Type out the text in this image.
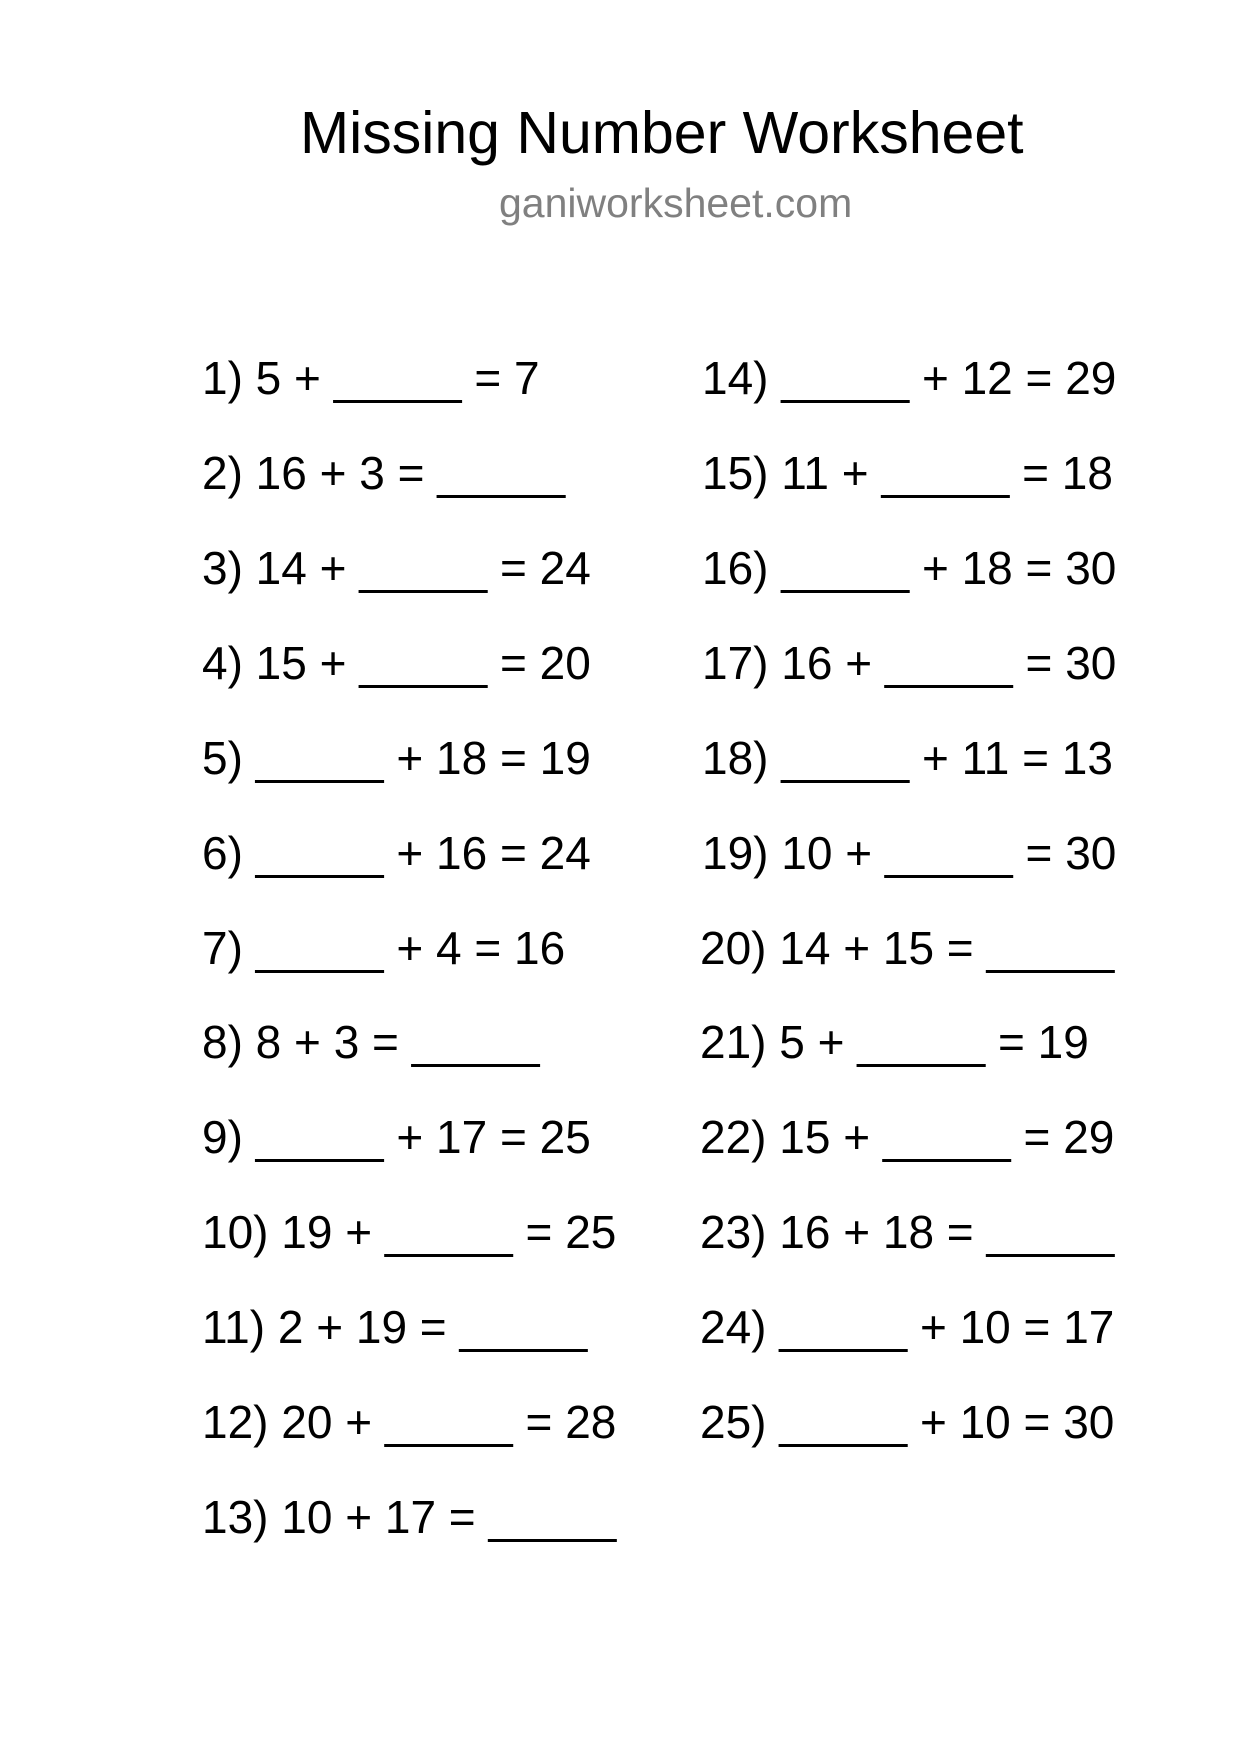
Missing Number Worksheet
ganiworksheet.com
1) 5 + _____ = 7
2) 16 + 3 = _____
3) 14 + _____ = 24
4) 15 + _____ = 20
5) _____ + 18 = 19
6) _____ + 16 = 24
7) _____ + 4 = 16
8) 8 + 3 = _____
9) _____ + 17 = 25
10) 19 + _____ = 25
11) 2 + 19 = _____
12) 20 + _____ = 28
13) 10 + 17 = _____
14) _____ + 12 = 29
15) 11 + _____ = 18
16) _____ + 18 = 30
17) 16 + _____ = 30
18) _____ + 11 = 13
19) 10 + _____ = 30
20) 14 + 15 = _____
21) 5 + _____ = 19
22) 15 + _____ = 29
23) 16 + 18 = _____
24) _____ + 10 = 17
25) _____ + 10 = 30
